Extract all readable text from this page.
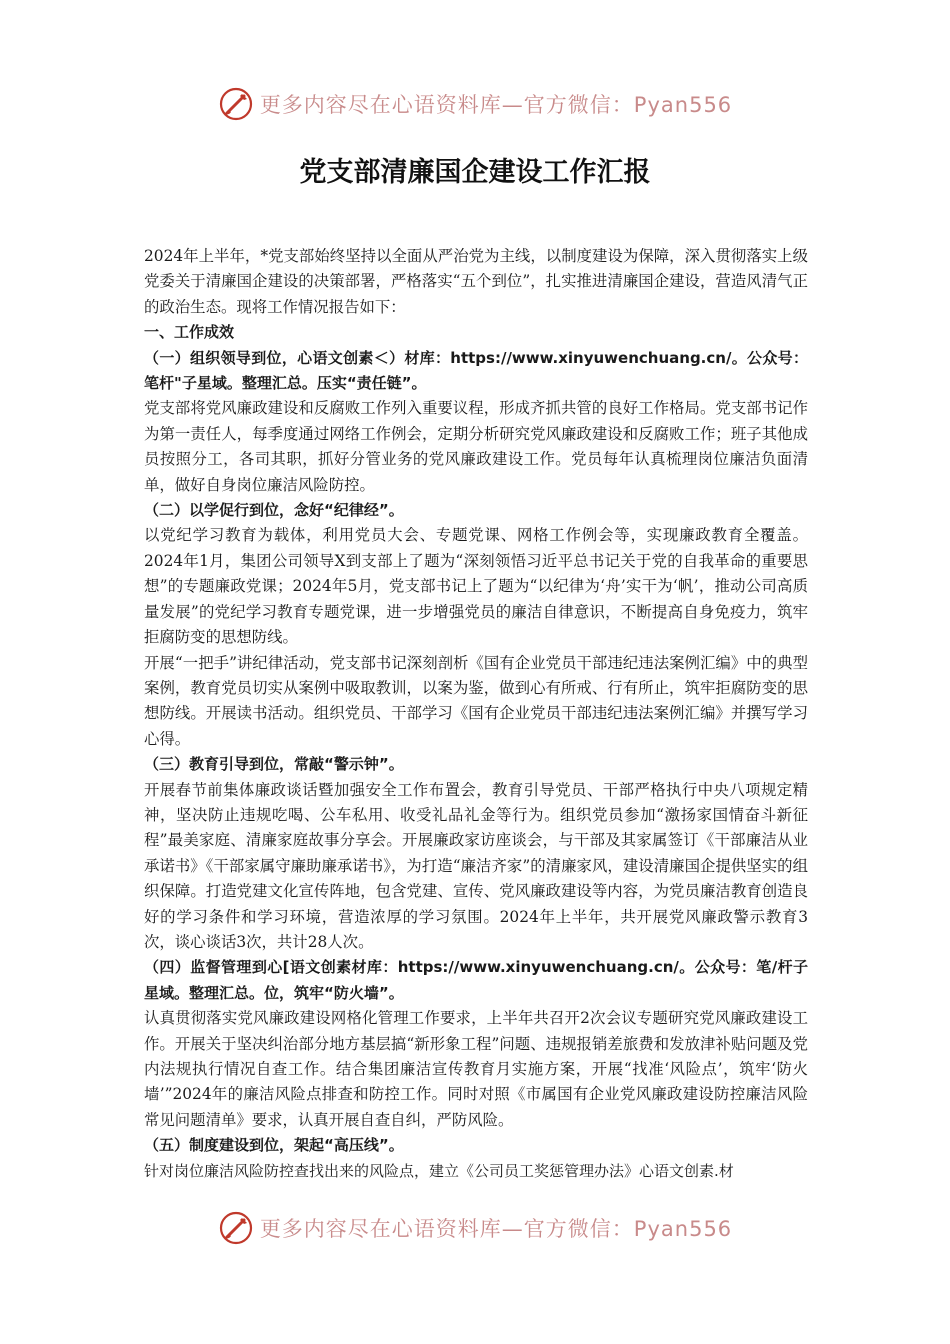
更多内容尽在心语资料库—官方微信：Pyan556
党支部清廉国企建设工作汇报

2024年上半年，*党支部始终坚持以全面从严治党为主线，以制度建设为保障，深入贯彻落实上级党委关于清廉国企建设的决策部署，严格落实“五个到位”，扎实推进清廉国企建设，营造风清气正的政治生态。现将工作情况报告如下：

一、工作成效

（一）组织领导到位，心语文创素＜）材库：https://www.xinyuwenchuang.cn/。公众号：笔杆"子星域。整理汇总。压实“责任链”。

党支部将党风廉政建设和反腐败工作列入重要议程，形成齐抓共管的良好工作格局。党支部书记作为第一责任人，每季度通过网络工作例会，定期分析研究党风廉政建设和反腐败工作；班子其他成员按照分工，各司其职，抓好分管业务的党风廉政建设工作。党员每年认真梳理岗位廉洁负面清单，做好自身岗位廉洁风险防控。

（二）以学促行到位，念好“纪律经”。

以党纪学习教育为载体，利用党员大会、专题党课、网格工作例会等，实现廉政教育全覆盖。2024年1月，集团公司领导X到支部上了题为“深刻领悟习近平总书记关于党的自我革命的重要思想”的专题廉政党课；2024年5月，党支部书记上了题为“以纪律为‘舟’实干为‘帆’，推动公司高质量发展”的党纪学习教育专题党课，进一步增强党员的廉洁自律意识，不断提高自身免疫力，筑牢拒腐防变的思想防线。

开展“一把手”讲纪律活动，党支部书记深刻剖析《国有企业党员干部违纪违法案例汇编》中的典型案例，教育党员切实从案例中吸取教训，以案为鉴，做到心有所戒、行有所止，筑牢拒腐防变的思想防线。开展读书活动。组织党员、干部学习《国有企业党员干部违纪违法案例汇编》并撰写学习心得。

（三）教育引导到位，常敲“警示钟”。

开展春节前集体廉政谈话暨加强安全工作布置会，教育引导党员、干部严格执行中央八项规定精神，坚决防止违规吃喝、公车私用、收受礼品礼金等行为。组织党员参加“激扬家国情奋斗新征程”最美家庭、清廉家庭故事分享会。开展廉政家访座谈会，与干部及其家属签订《干部廉洁从业承诺书》《干部家属守廉助廉承诺书》，为打造“廉洁齐家”的清廉家风，建设清廉国企提供坚实的组织保障。打造党建文化宣传阵地，包含党建、宣传、党风廉政建设等内容，为党员廉洁教育创造良好的学习条件和学习环境，营造浓厚的学习氛围。2024年上半年，共开展党风廉政警示教育3次，谈心谈话3次，共计28人次。

（四）监督管理到心[语文创素材库：https://www.xinyuwenchuang.cn/。公众号：笔/杆子星域。整理汇总。位，筑牢“防火墙”。

认真贯彻落实党风廉政建设网格化管理工作要求，上半年共召开2次会议专题研究党风廉政建设工作。开展关于坚决纠治部分地方基层搞“新形象工程”问题、违规报销差旅费和发放津补贴问题及党内法规执行情况自查工作。结合集团廉洁宣传教育月实施方案，开展“找准‘风险点’，筑牢‘防火墙’”2024年的廉洁风险点排查和防控工作。同时对照《市属国有企业党风廉政建设防控廉洁风险常见问题清单》要求，认真开展自查自纠，严防风险。

（五）制度建设到位，架起“高压线”。

针对岗位廉洁风险防控查找出来的风险点，建立《公司员工奖惩管理办法》心语文创素.材

更多内容尽在心语资料库—官方微信：Pyan556
